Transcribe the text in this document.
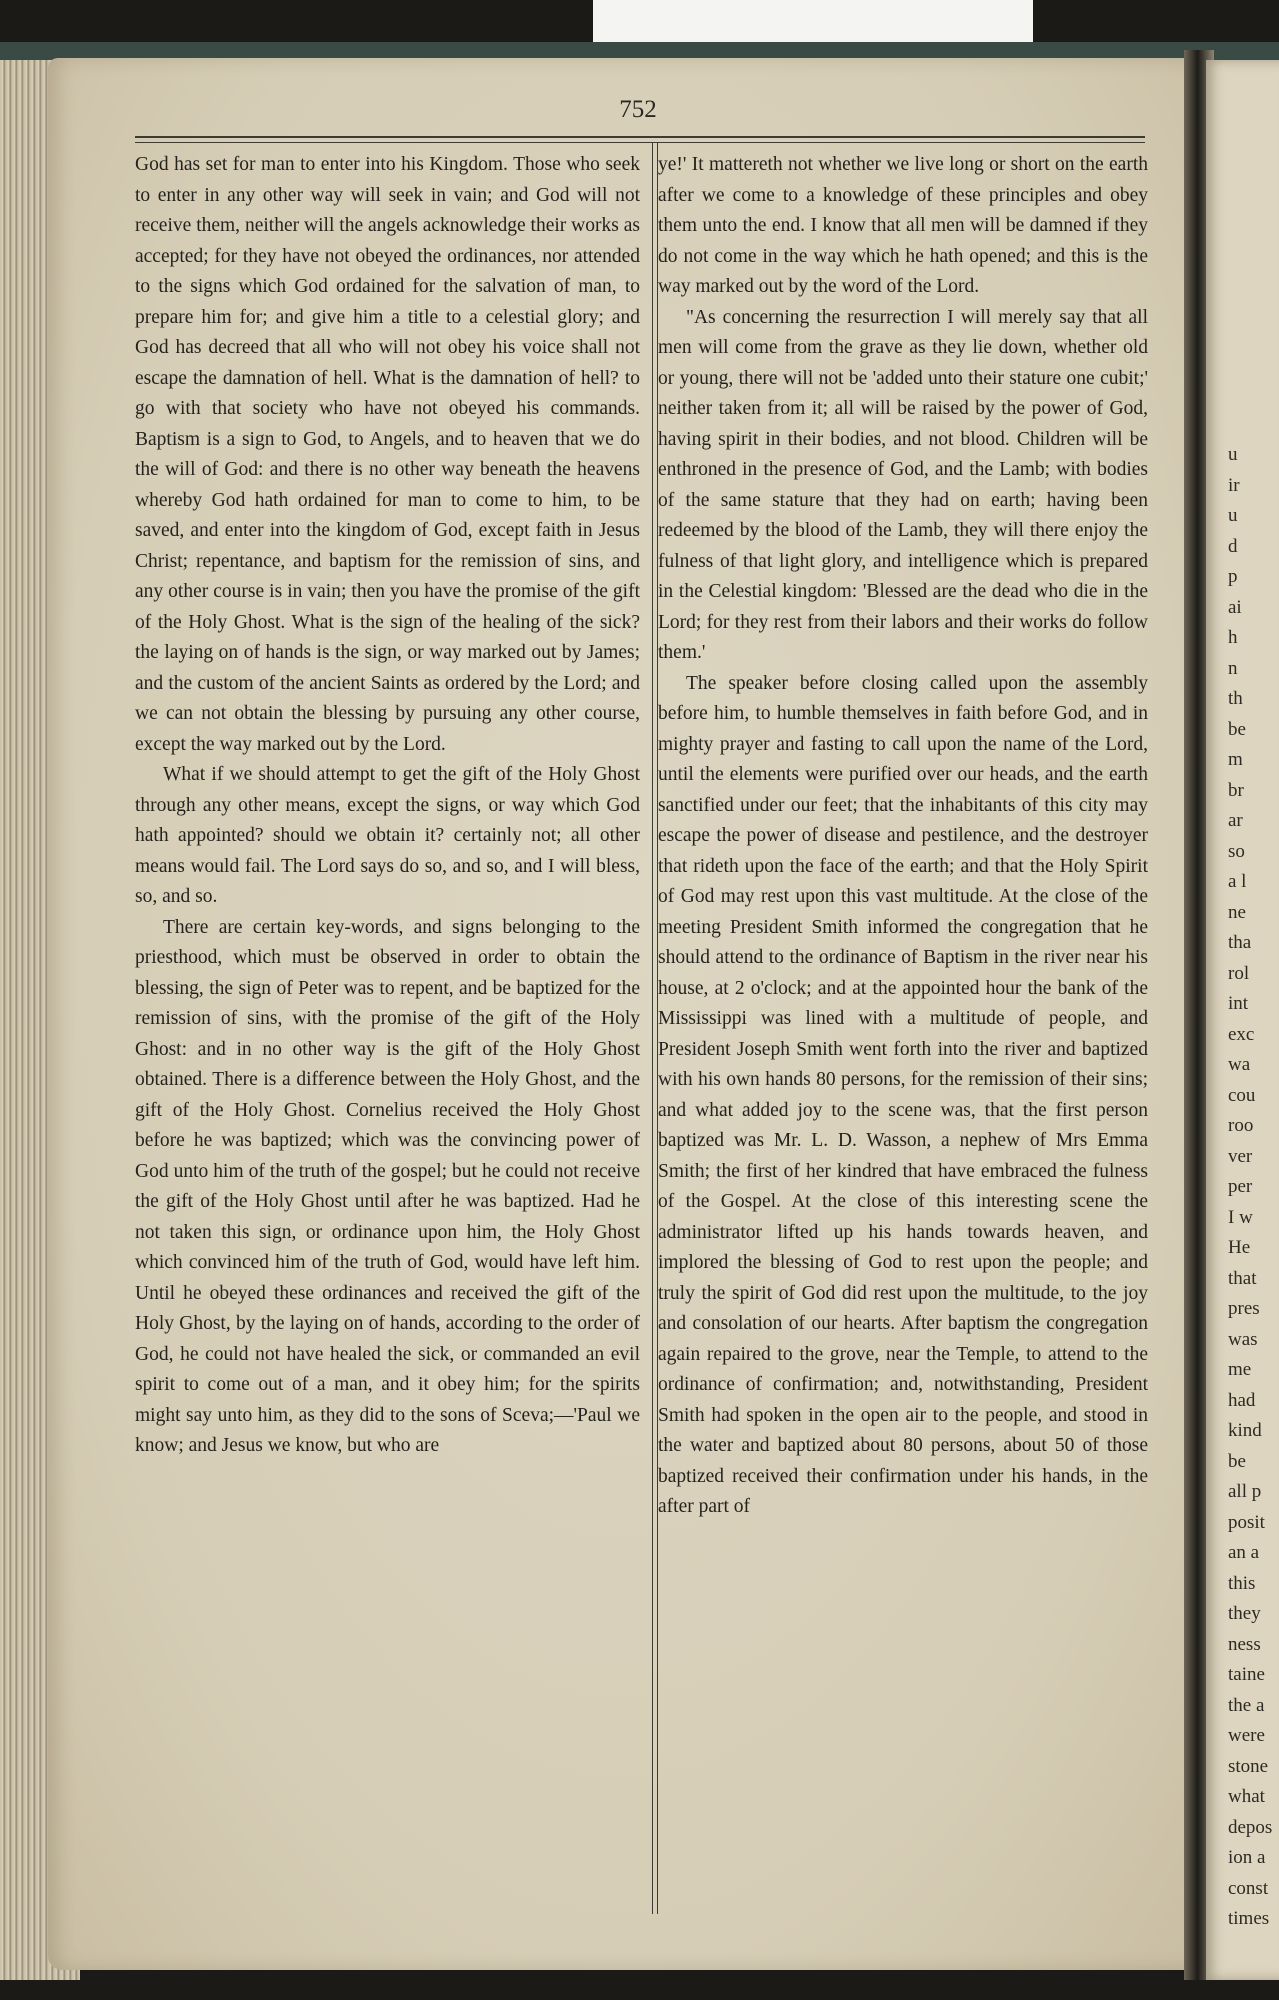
u
ir
u
d
p
ai
h
n
th
be
m
br
ar
so
a l
ne
tha
rol
int
exc
wa
cou
roo
ver
per
I w
He
that
pres
was
me
had
kind
be
all p
posit
an a
this
they
ness
taine
the a
were
stone
what
depos
ion a
const
times
752

God has set for man to enter into his Kingdom. Those who seek to enter in any other way will seek in vain; and God will not receive them, neither will the angels acknowledge their works as accepted; for they have not obeyed the ordinances, nor attended to the signs which God ordained for the salvation of man, to prepare him for; and give him a title to a celestial glory; and God has decreed that all who will not obey his voice shall not escape the damnation of hell. What is the damnation of hell? to go with that society who have not obeyed his commands. Baptism is a sign to God, to Angels, and to heaven that we do the will of God: and there is no other way beneath the heavens whereby God hath ordained for man to come to him, to be saved, and enter into the kingdom of God, except faith in Jesus Christ; repentance, and baptism for the remission of sins, and any other course is in vain; then you have the promise of the gift of the Holy Ghost. What is the sign of the healing of the sick? the laying on of hands is the sign, or way marked out by James; and the custom of the ancient Saints as ordered by the Lord; and we can not obtain the blessing by pursuing any other course, except the way marked out by the Lord.

What if we should attempt to get the gift of the Holy Ghost through any other means, except the signs, or way which God hath appointed? should we obtain it? certainly not; all other means would fail. The Lord says do so, and so, and I will bless, so, and so.

There are certain key-words, and signs belonging to the priesthood, which must be observed in order to obtain the blessing, the sign of Peter was to repent, and be baptized for the remission of sins, with the promise of the gift of the Holy Ghost: and in no other way is the gift of the Holy Ghost obtained. There is a difference between the Holy Ghost, and the gift of the Holy Ghost. Cornelius received the Holy Ghost before he was baptized; which was the convincing power of God unto him of the truth of the gospel; but he could not receive the gift of the Holy Ghost until after he was baptized. Had he not taken this sign, or ordinance upon him, the Holy Ghost which convinced him of the truth of God, would have left him. Until he obeyed these ordinances and received the gift of the Holy Ghost, by the laying on of hands, according to the order of God, he could not have healed the sick, or commanded an evil spirit to come out of a man, and it obey him; for the spirits might say unto him, as they did to the sons of Sceva;—'Paul we know; and Jesus we know, but who are

ye!' It mattereth not whether we live long or short on the earth after we come to a knowledge of these principles and obey them unto the end. I know that all men will be damned if they do not come in the way which he hath opened; and this is the way marked out by the word of the Lord.

"As concerning the resurrection I will merely say that all men will come from the grave as they lie down, whether old or young, there will not be 'added unto their stature one cubit;' neither taken from it; all will be raised by the power of God, having spirit in their bodies, and not blood. Children will be enthroned in the presence of God, and the Lamb; with bodies of the same stature that they had on earth; having been redeemed by the blood of the Lamb, they will there enjoy the fulness of that light glory, and intelligence which is prepared in the Celestial kingdom: 'Blessed are the dead who die in the Lord; for they rest from their labors and their works do follow them.'

The speaker before closing called upon the assembly before him, to humble themselves in faith before God, and in mighty prayer and fasting to call upon the name of the Lord, until the elements were purified over our heads, and the earth sanctified under our feet; that the inhabitants of this city may escape the power of disease and pestilence, and the destroyer that rideth upon the face of the earth; and that the Holy Spirit of God may rest upon this vast multitude. At the close of the meeting President Smith informed the congregation that he should attend to the ordinance of Baptism in the river near his house, at 2 o'clock; and at the appointed hour the bank of the Mississippi was lined with a multitude of people, and President Joseph Smith went forth into the river and baptized with his own hands 80 persons, for the remission of their sins; and what added joy to the scene was, that the first person baptized was Mr. L. D. Wasson, a nephew of Mrs Emma Smith; the first of her kindred that have embraced the fulness of the Gospel. At the close of this interesting scene the administrator lifted up his hands towards heaven, and implored the blessing of God to rest upon the people; and truly the spirit of God did rest upon the multitude, to the joy and consolation of our hearts. After baptism the congregation again repaired to the grove, near the Temple, to attend to the ordinance of confirmation; and, notwithstanding, President Smith had spoken in the open air to the people, and stood in the water and baptized about 80 persons, about 50 of those baptized received their confirmation under his hands, in the after part of
